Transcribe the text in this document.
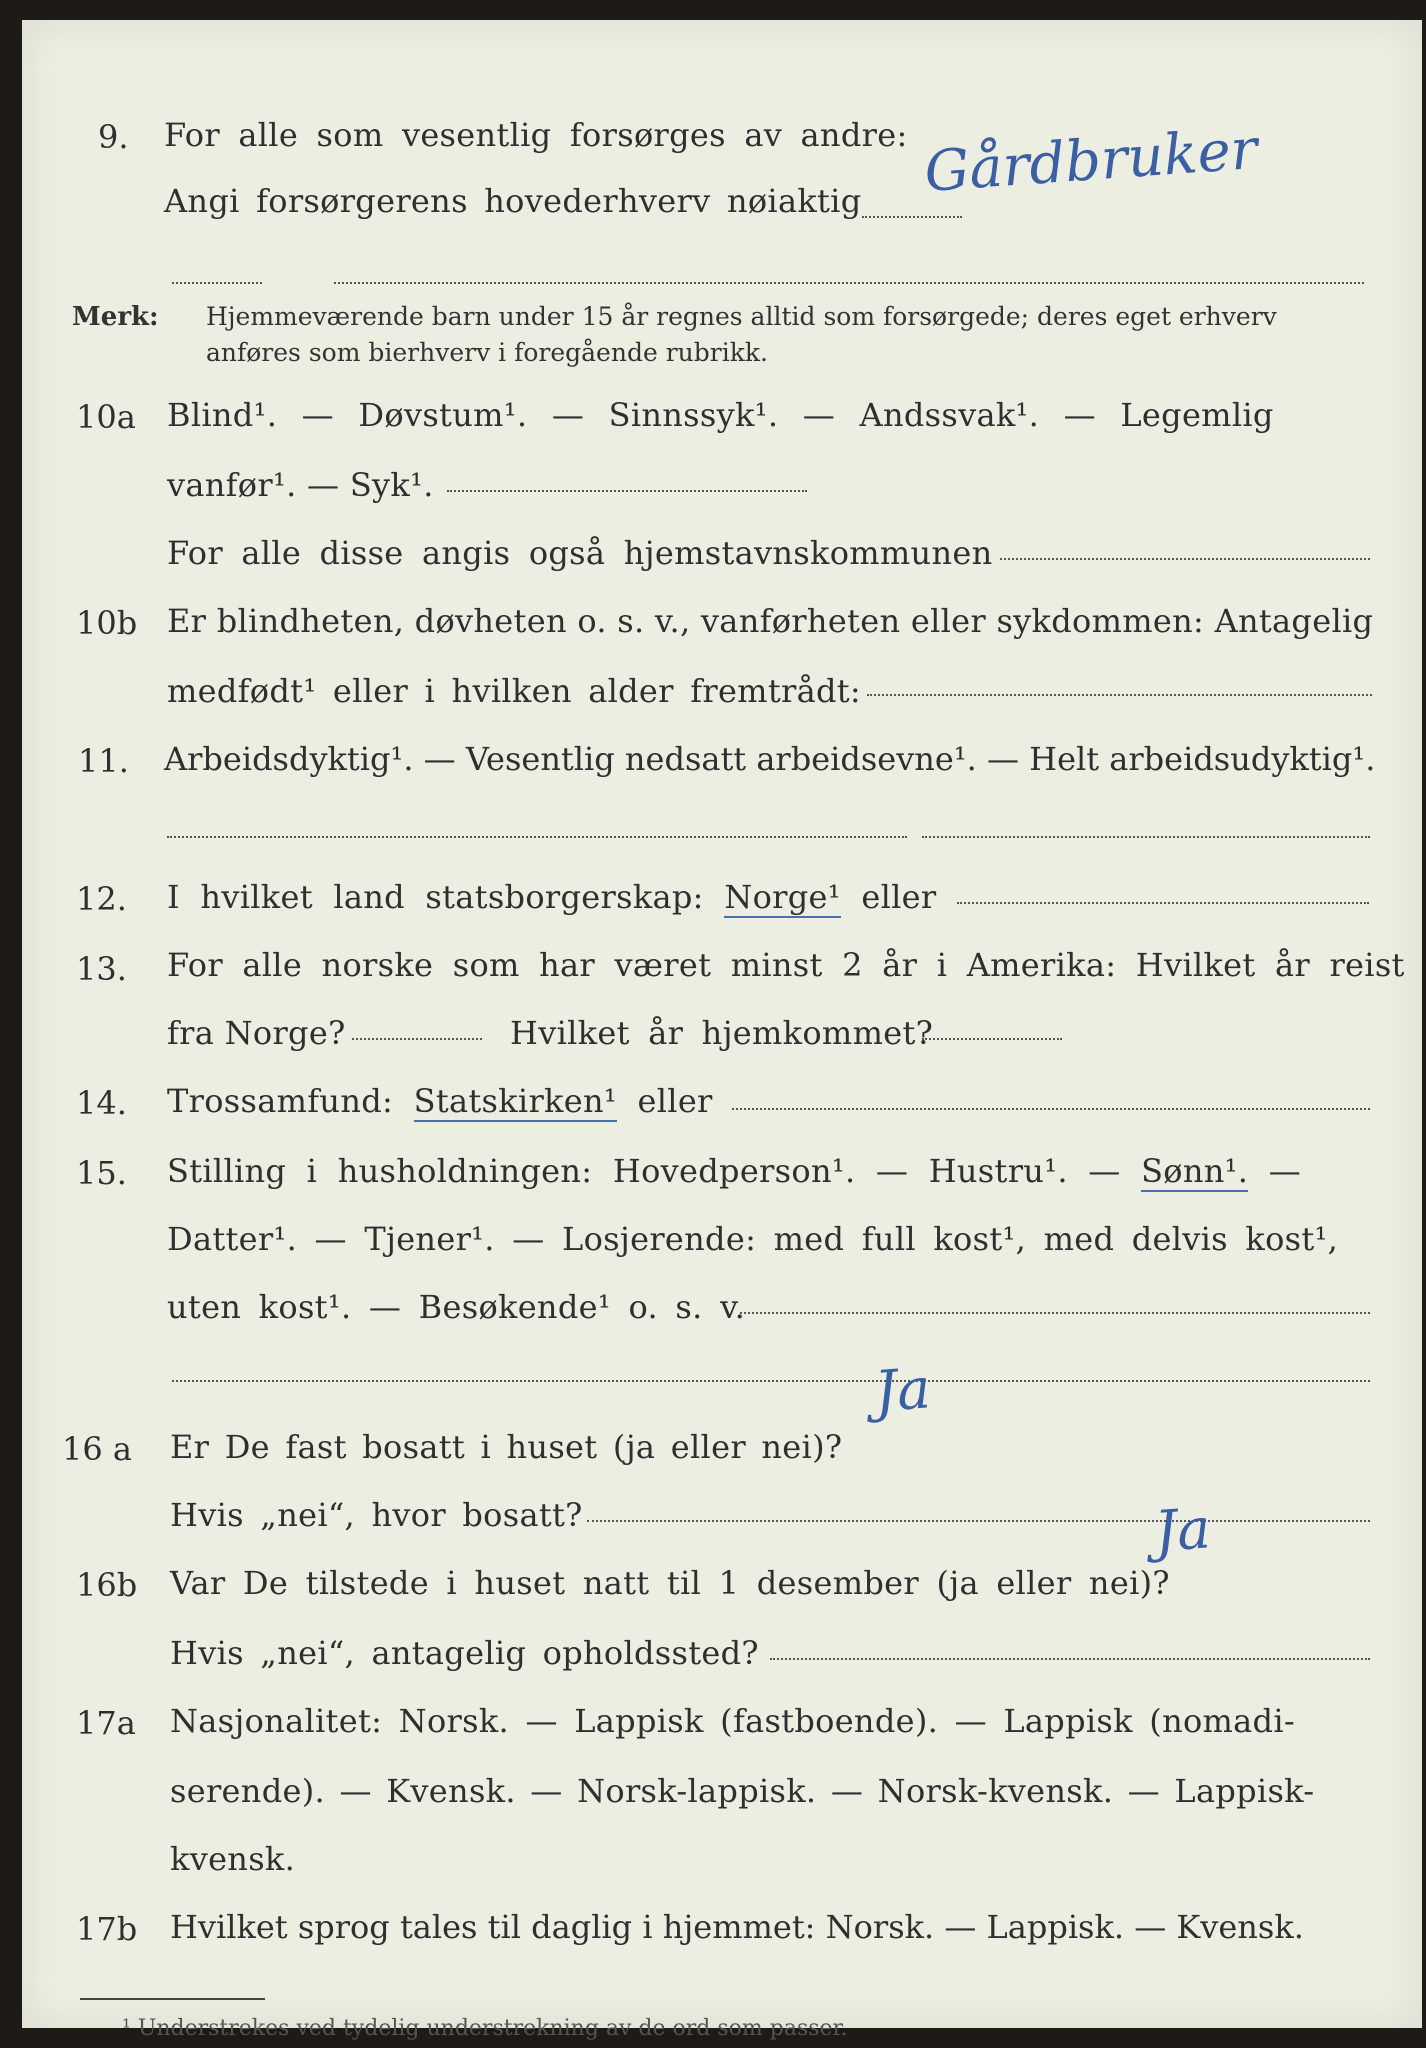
9. For alle som vesentlig forsørges av andre:
Angi forsørgerens hovederhverv nøiaktig Gårdbruker
Merk: Hjemmeværende barn under 15 år regnes alltid som forsørgede; deres eget erhverv
anføres som bierhverv i foregående rubrikk.
10a Blind¹. — Døvstum¹. — Sinnssyk¹. — Andssvak¹. — Legemlig
vanfør¹. — Syk¹.
For alle disse angis også hjemstavnskommunen
10b Er blindheten, døvheten o. s. v., vanførheten eller sykdommen: Antagelig
medfødt¹ eller i hvilken alder fremtrådt:
11. Arbeidsdyktig¹. — Vesentlig nedsatt arbeidsevne¹. — Helt arbeidsudyktig¹.
12. I hvilket land statsborgerskap: Norge¹ eller
13. For alle norske som har været minst 2 år i Amerika: Hvilket år reist
fra Norge?	Hvilket år hjemkommet?
14. Trossamfund: Statskirken¹ eller
15. Stilling i husholdningen: Hovedperson¹. — Hustru¹. — Sønn¹. —
Datter¹. — Tjener¹. — Losjerende: med full kost¹, med delvis kost¹,
uten kost¹. — Besøkende¹ o. s. v.
16 a Er De fast bosatt i huset (ja eller nei)?
Ja
Hvis „nei“, hvor bosatt?
16b Var De tilstede i huset natt til 1 desember (ja eller nei)?
Ja
Hvis „nei“, antagelig opholdssted?
17a Nasjonalitet: Norsk. — Lappisk (fastboende). — Lappisk (nomadi-
serende). — Kvensk. — Norsk-lappisk. — Norsk-kvensk. — Lappisk-
kvensk.
17b Hvilket sprog tales til daglig i hjemmet: Norsk. — Lappisk. — Kvensk.
¹ Understrekes ved tydelig understrekning av de ord som passer.
